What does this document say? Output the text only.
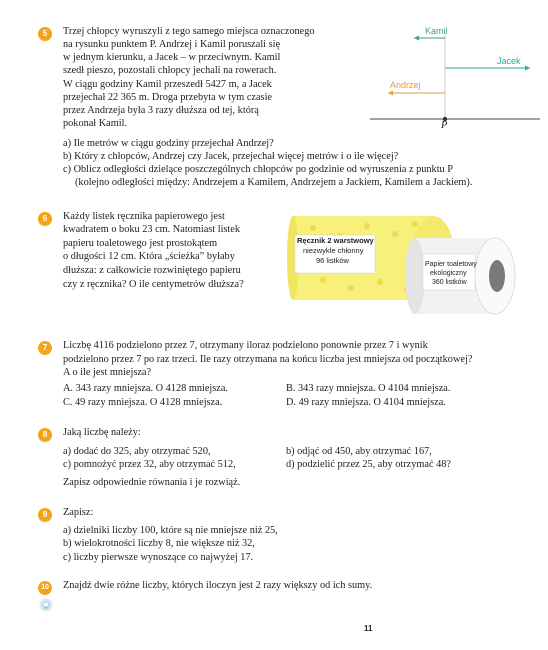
5	Trzej chłopcy wyruszyli z tego samego miejsca oznaczonego
na rysunku punktem P. Andrzej i Kamil poruszali się
w jednym kierunku, a Jacek – w przeciwnym. Kamil
szedł pieszo, pozostali chłopcy jechali na rowerach.
W ciągu godziny Kamil przeszedł 5427 m, a Jacek
przejechał 22 365 m. Droga przebyta w tym czasie
przez Andrzeja była 3 razy dłuższa od tej, którą
pokonał Kamil.
Kamil
Jacek
Andrzej
P
a) Ile metrów w ciągu godziny przejechał Andrzej?
b) Który z chłopców, Andrzej czy Jacek, przejechał więcej metrów i o ile więcej?
c) Oblicz odległości dzielące poszczególnych chłopców po godzinie od wyruszenia z punktu P
(kolejno odległości między: Andrzejem a Kamilem, Andrzejem a Jackiem, Kamilem a Jackiem).
6	Każdy listek ręcznika papierowego jest
kwadratem o boku 23 cm. Natomiast listek
papieru toaletowego jest prostokątem
o długości 12 cm. Która „ścieżka” byłaby
dłuższa: z całkowicie rozwiniętego papieru
czy z ręcznika? O ile centymetrów dłuższa?
Ręcznik 2 warstwowy
niezwykle chłonny
96 listków	Papier toaletowy
ekologiczny
360 listków
7	Liczbę 4116 podzielono przez 7, otrzymany iloraz podzielono ponownie przez 7 i wynik
podzielono przez 7 po raz trzeci. Ile razy otrzymana na końcu liczba jest mniejsza od początkowej?
A o ile jest mniejsza?
A. 343 razy mniejsza. O 4128 mniejsza.	B. 343 razy mniejsza. O 4104 mniejsza.
C. 49 razy mniejsza. O 4128 mniejsza.	D. 49 razy mniejsza. O 4104 mniejsza.
8	Jaką liczbę należy:
a) dodać do 325, aby otrzymać 520,	b) odjąć od 450, aby otrzymać 167,
c) pomnożyć przez 32, aby otrzymać 512,	d) podzielić przez 25, aby otrzymać 48?
Zapisz odpowiednie równania i je rozwiąż.
9	Zapisz:
a) dzielniki liczby 100, które są nie mniejsze niż 25,
b) wielokrotności liczby 8, nie większe niż 32,
c) liczby pierwsze wynoszące co najwyżej 17.
10	Znajdź dwie różne liczby, których iloczyn jest 2 razy większy od ich sumy.
11
